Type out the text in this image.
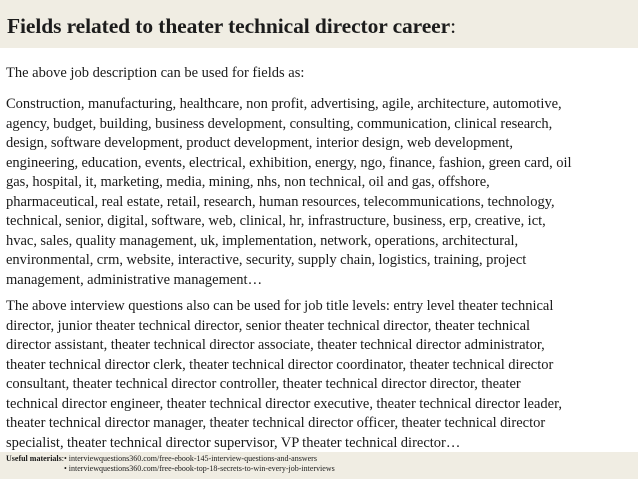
Fields related to theater technical director career:
The above job description can be used for fields as:
Construction, manufacturing, healthcare, non profit, advertising, agile, architecture, automotive,
agency, budget, building, business development, consulting, communication, clinical research,
design, software development, product development, interior design, web development,
engineering, education, events, electrical, exhibition, energy, ngo, finance, fashion, green card, oil
gas, hospital, it, marketing, media, mining, nhs, non technical, oil and gas, offshore,
pharmaceutical, real estate, retail, research, human resources, telecommunications, technology,
technical, senior, digital, software, web, clinical, hr, infrastructure, business, erp, creative, ict,
hvac, sales, quality management, uk, implementation, network, operations, architectural,
environmental, crm, website, interactive, security, supply chain, logistics, training, project
management, administrative management…
The above interview questions also can be used for job title levels: entry level theater technical
director, junior theater technical director, senior theater technical director, theater technical
director assistant, theater technical director associate, theater technical director administrator,
theater technical director clerk, theater technical director coordinator, theater technical director
consultant, theater technical director controller, theater technical director director, theater
technical director engineer, theater technical director executive, theater technical director leader,
theater technical director manager, theater technical director officer, theater technical director
specialist, theater technical director supervisor, VP theater technical director…
Useful materials: • interviewquestions360.com/free-ebook-145-interview-questions-and-answers
• interviewquestions360.com/free-ebook-top-18-secrets-to-win-every-job-interviews
